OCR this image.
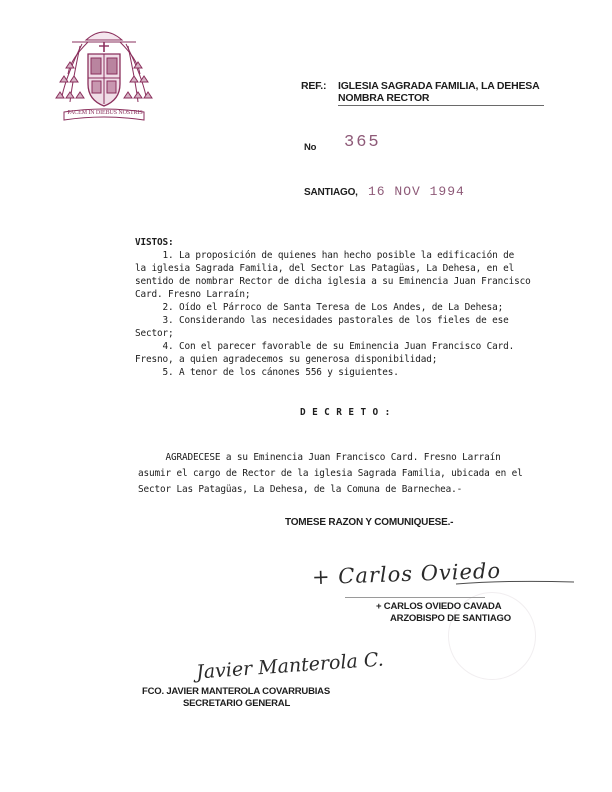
PACEM IN DIEBUS NOSTRIS
REF.: IGLESIA SAGRADA FAMILIA, LA DEHESA
NOMBRA RECTOR
No 365
SANTIAGO, 16 NOV 1994
VISTOS:
1. La proposición de quienes han hecho posible la edificación de
la iglesia Sagrada Familia, del Sector Las Patagüas, La Dehesa, en el
sentido de nombrar Rector de dicha iglesia a su Eminencia Juan Francisco
Card. Fresno Larraín;
2. Oído el Párroco de Santa Teresa de Los Andes, de La Dehesa;
3. Considerando las necesidades pastorales de los fieles de ese
Sector;
4. Con el parecer favorable de su Eminencia Juan Francisco Card.
Fresno, a quien agradecemos su generosa disponibilidad;
5. A tenor de los cánones 556 y siguientes.
D E C R E T O :
AGRADECESE a su Eminencia Juan Francisco Card. Fresno Larraín
asumir el cargo de Rector de la iglesia Sagrada Familia, ubicada en el
Sector Las Patagüas, La Dehesa, de la Comuna de Barnechea.-
TOMESE RAZON Y COMUNIQUESE.-
+ Carlos Oviedo
+ CARLOS OVIEDO CAVADA
ARZOBISPO DE SANTIAGO
Javier Manterola C.
FCO. JAVIER MANTEROLA COVARRUBIAS
SECRETARIO GENERAL
